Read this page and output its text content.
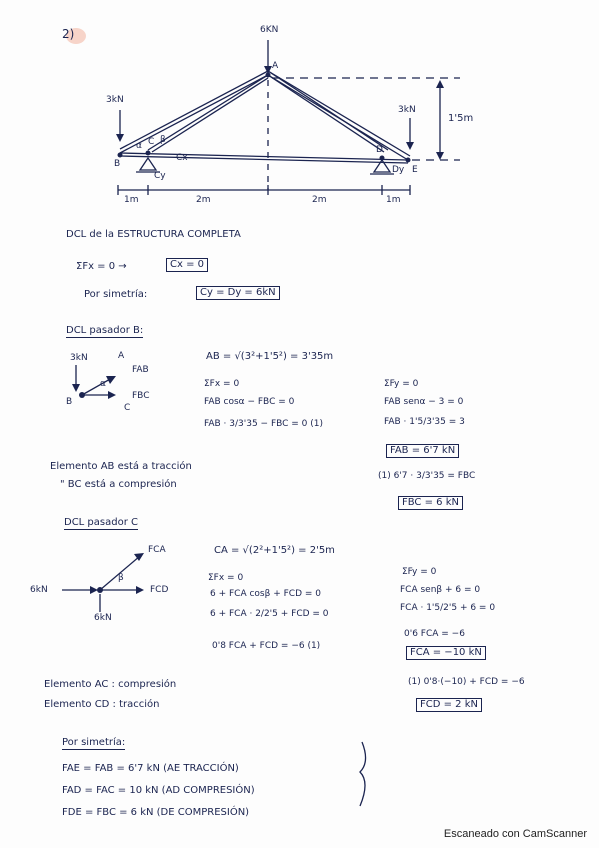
2)	6KN
3kN
3kN
1'5m
A
B
C
D
E
α
β
Cx
Cy
Dy
1m	2m	2m	1m
DCL de la ESTRUCTURA COMPLETA
ΣFx = 0 →	Cx = 0
Por simetría:	Cy = Dy = 6kN
DCL pasador B:
3kN	A
FAB
α
B
FBC
C
AB = √(3²+1'5²) = 3'35m
ΣFx = 0
FAB cosα − FBC = 0
FAB · 3/3'35 − FBC = 0 (1)
ΣFy = 0
FAB senα − 3 = 0
FAB · 1'5/3'35 = 3
FAB = 6'7 kN
(1) 6'7 · 3/3'35 = FBC
FBC = 6 kN
Elemento AB está a tracción
" BC está a compresión
DCL pasador C
FCA
FCD
6kN
6kN
β
CA = √(2²+1'5²) = 2'5m
ΣFx = 0
6 + FCA cosβ + FCD = 0
6 + FCA · 2/2'5 + FCD = 0
0'8 FCA + FCD = −6 (1)
ΣFy = 0
FCA senβ + 6 = 0
FCA · 1'5/2'5 + 6 = 0
0'6 FCA = −6
FCA = −10 kN
(1) 0'8·(−10) + FCD = −6
FCD = 2 kN
Elemento AC : compresión
Elemento CD : tracción
Por simetría:
FAE = FAB = 6'7 kN (AE TRACCIÓN)
FAD = FAC = 10 kN (AD COMPRESIÓN)
FDE = FBC = 6 kN (DE COMPRESIÓN)
Escaneado con CamScanner
